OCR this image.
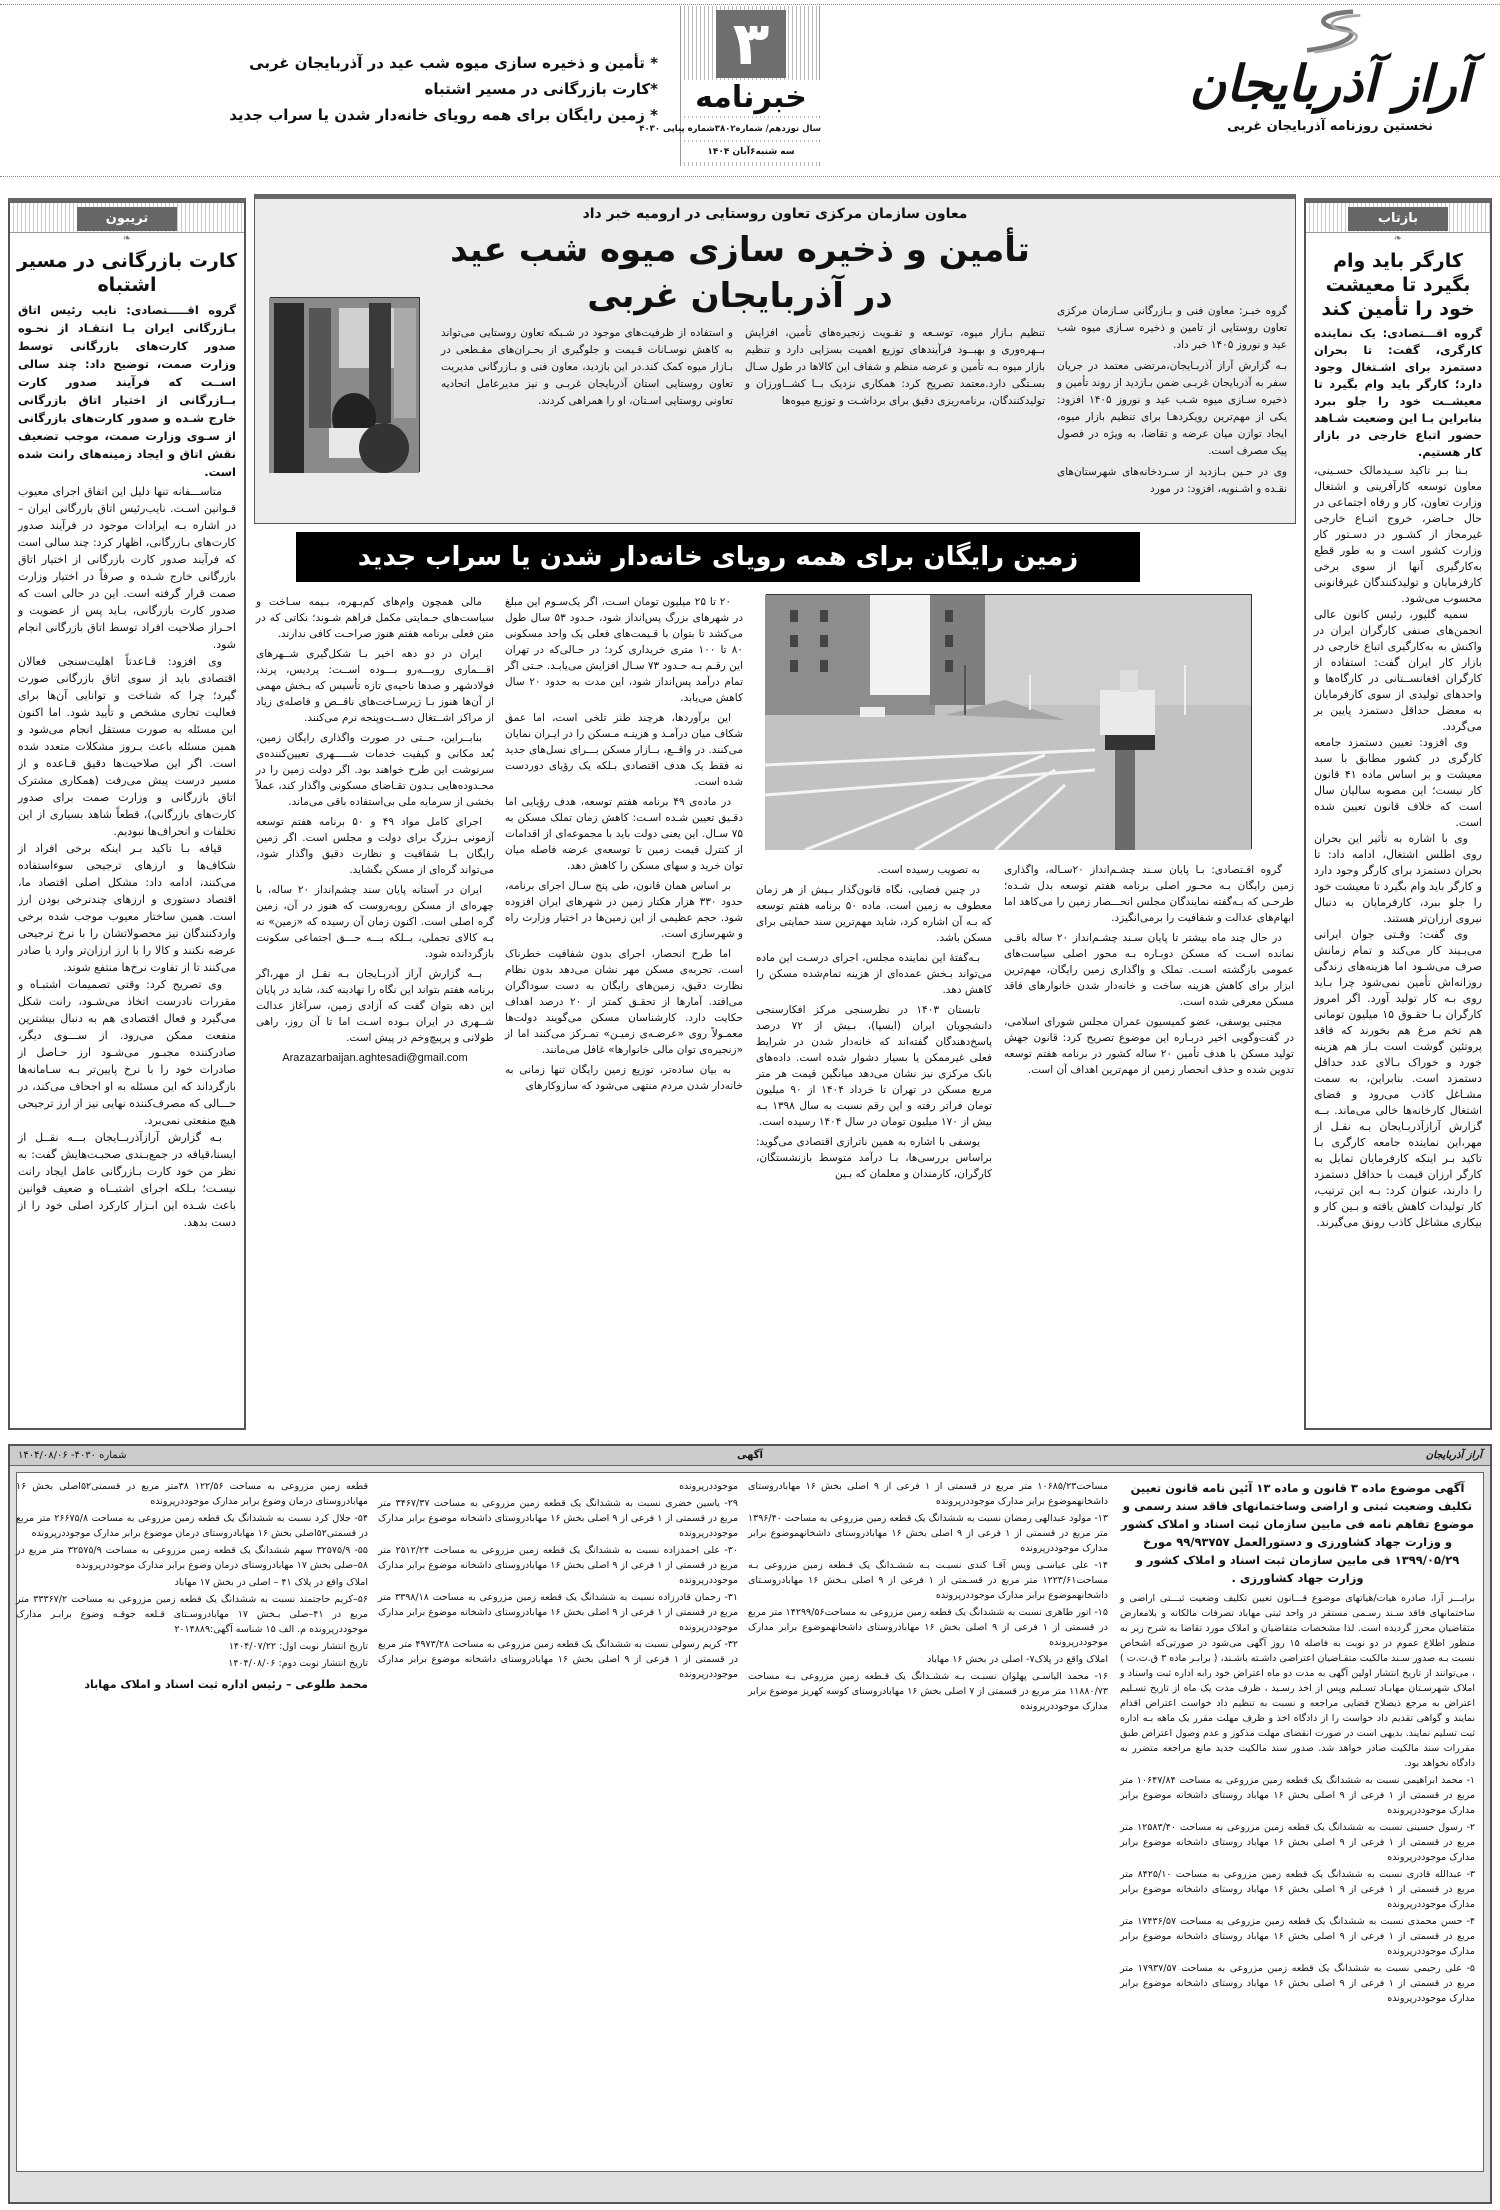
آراز آذربایجان
نخستین روزنامه آذربایجان غربی
۳
خبرنامه
سال نوزدهم/ شماره۳۸۰۲شماره پیاپی ۴۰۳۰
سه شنبه۶آبان ۱۴۰۴
* تأمین و ذخیره سازی میوه شب عید در آذربایجان غربی
*کارت بازرگانی در مسیر اشتباه
* زمین رایگان برای همه رویای خانه‌دار شدن یا سراب جدید
بازتاب
❧
کارگر باید وام بگیرد تا معیشت خود را تأمین کند
گروه اقـــتصادی: یک نماینده کارگری، گفت: تا بحران دستمزد برای اشـتغال وجود دارد؛ کارگر باید وام بگیرد تا معیشــت خود را جلو ببرد بنابراین بـا این وضعیت شـاهد حضور اتباع خارجی در بازار کار هستیم.

بـنا بـر تاکید سـیدمالک حسـینی، معاون توسعه کارآفرینی و اشتغال وزارت تعاون، کار و رفاه اجتماعی در حال حـاضر، خروج اتبـاع خارجی غیرمجاز از کشـور در دسـتور کار وزارت کشور است و به طور قطع به‌کارگیری آنها از سوی برخی کارفرمایان و تولیدکنندگان غیرقانونی محسوب می‌شود.

سمیه گلپور، رئیس کانون عالی انجمن‌های صنفی کارگران ایران در واکنش به به‌کارگیری اتباع خارجی در بازار کار ایران گفت: استفاده از کارگران افغانســتانی در کارگاه‌ها و واحدهای تولیدی از سوی کارفرمایان به معضل حداقل دستمزد پایین بر می‌گردد.

وی افزود: تعیین دستمزد جامعه کارگری در کشور مطابق با سبد معیشت و بر اساس ماده ۴۱ قانون کار نیست؛ این مصوبه سالیان سال است که خلاف قانون تعیین شده است.

وی با اشاره به تأثیر این بحران روی اطلس اشتغال، ادامه داد: تا بحران دستمزد برای کارگر وجود دارد و کارگر باید وام بگیرد تا معیشت خود را جلو ببرد، کارفرمایان به دنبال نیروی ارزان‌تر هستند.

وی گفت: وقـتی جوان ایرانی می‌بـیند کار می‌کند و تمام زمانش صرف می‌شـود اما هزینه‌های زندگی روزانه‌اش تأمین نمی‌شود چرا بـاید روی بـه کار تولید آورد. اگر امروز کارگران بـا حقـوق ۱۵ میلیون تومانی هم تخم مرغ هم بخورند که فاقد پروتئین گوشت است بـاز هم هزینه خورد و خوراک بـالای عدد حداقل دستمزد است. بنابراین، به سمت مشـاغل کاذب می‌رود و فضای اشتغال کارخانه‌ها خالی می‌ماند. بــه گزارش آرازآذربـایجان بـه نقـل از مهر،این نماینده جامعه کارگری بـا تاکید بـر اینکه کارفرمایان تمایل به کارگر ارزان قیمت با حداقل دستمزد را دارند، عنوان کرد: بـه این ترتیب، کار تولیدات کاهش یافته و بـین کار و بیکاری مشاغل کاذب رونق می‌گیرند.

تریبون
❧
کارت بازرگانی در مسیر اشتباه
گروه اقـــــتصادی: نایب رئیس اتاق بـازرگانی ایران بـا انتقـاد از نحـوه صدور کارت‌های بازرگانی توسط وزارت صمت، توضیح داد: چند سالی اســت که فرآیند صدور کارت بــازرگانی از اختیار اتاق بازرگانی خارج شـده و صدور کارت‌های بازرگانی از سـوی وزارت صمت، موجب تضعیف نقش اتاق و ایجاد زمینه‌های رانت شده است.

متاســـفانه تنها دلیل این اتفاق اجرای معیوب قـوانین اسـت. نایب‌رئیس اتاق بازرگانی ایران – در اشاره بـه ایرادات موجود در فرآیند صدور کارت‌های بـازرگانی، اظهار کرد: چند سالی است که فرآیند صدور کارت بازرگانی از اختیار اتاق بازرگانی خارج شـده و صرفاً در اختیار وزارت صمت قرار گرفته است. این در حالی است که صدور کارت بازرگانی، بـاید پس از عضویت و احـراز صلاحیت افراد توسط اتاق بازرگانی انجام شود.

وی افزود: قـاعدتاً اهلیت‌سنجی فعالان اقتصادی باید از سوی اتاق بازرگانی صورت گیرد؛ چرا که شناخت و توانایی آن‌ها برای فعالیت تجاری مشخص و تأیید شود. اما اکنون این مسئله به صورت مستقل انجام می‌شود و همین مسئله باعث بـروز مشکلات متعدد شده است. اگر این صلاحیت‌ها دقیق قـاعده و از مسیر درست پیش می‌رفت (همکاری مشترک اتاق بازرگانی و وزارت صمت برای صدور کارت‌های بازرگانی)، قطعاً شاهد بسیاری از این تخلفات و انحراف‌ها نبودیم.

قیافه بـا تاکید بـر اینکه برخی افراد از شکاف‌ها و ارزهای ترجیحی سوءاستفاده می‌کنند، ادامه داد: مشکل اصلی اقتصاد ما، اقتصاد دستوری و ارزهای چندنرخی بودن ارز است. همین ساختار معیوب موجب شده برخی واردکنندگان نیز محصولاتشان را با نرخ ترجیحی عرضه نکنند و کالا را با ارز ارزان‌تر وارد یا صادر می‌کنند تا از تفاوت نرخ‌ها منتفع شوند.

وی تصریح کرد: وقتی تصمیمات اشتبـاه و مقررات نادرست اتخاذ می‌شـود، رانت شکل می‌گیرد و فعال اقتصادی هم به دنبال بیشترین منفعت ممکن می‌رود. از ســـوی دیگر، صادرکننده مجبـور می‌شـود ارز حـاصل از صادرات خود را با نرخ پایین‌تر بـه سـامانه‌ها بازگرداند که این مسئله به او اجحاف می‌کند، در حـــالی که مصرف‌کننده نهایی نیز از ارز ترجیحی هیچ منفعتی نمی‌برد.

بـه گزارش آرازآذربــایجان بـــه نقــل از ایسنا،قیافه در جمع‌بـندی صحبـت‌هایش گفت: به نظر من خود کارت بـازرگانی عامل ایجاد رانت نیسـت؛ بـلکه اجرای اشتبــاه و ضعیف قوانین باعث شـده این ابـزار کارکرد اصلی خود را از دست بدهد.

معاون سازمان مرکزی تعاون روستایی در ارومیه خبر داد
تأمین و ذخیره سازی میوه شب عید در آذربایجان غربی	گروه خبـر: معاون فنی و بـازرگانی سـازمان مرکزی تعاون روستایی از تامین و ذخیره سـازی میوه شب عید و نوروز ۱۴۰۵ خبر داد.

بـه گزارش آراز آذربـایجان،مرتضی معتمد در جریان سفر به آذربایجان غربـی ضمن بـازدید از روند تأمین و ذخیره سـازی میوه شـب عید و نوروز ۱۴۰۵ افزود: یکی از مهم‌ترین رویکردهـا برای تنظیم بازار میوه، ایجاد توازن میان عرضه و تقاضا، به ویژه در فصول پیک مصرف است.

وی در حـین بـازدید از سـردخانه‌های شهرستان‌های نقـده و اشـنویه، افزود: در مورد

تنظیم بـازار میوه، توسـعه و تقـویت زنجیره‌های تأمین، افزایش بــهره‌وری و بهبــود فرآیندهای توزیع اهمیت بسزایی دارد و تنظیم بازار میوه بـه تأمین و عرضه منظم و شفاف این کالاها در طول سـال بسـتگی دارد.معتمد تصریح کرد: همکاری نزدیک بــا کشــاورزان و تولیدکنندگان، برنامه‌ریزی دقیق برای برداشـت و توزیع میوه‌ها
و استفاده از ظرفیت‌های موجود در شـبکه تعاون روستایی می‌تواند به کاهش نوسـانات قـیمت و جلوگیری از بحـران‌های مقـطعی در بـازار میوه کمک کند.در این بازدید، معاون فنی و بـازرگانی مدیریت تعاون روستایی استان آذربایجان غربـی و نیز مدیرعامل اتحادیه تعاونی روستایی اسـتان، او را همراهی کردند.
زمین رایگان برای همه رویای خانه‌دار شدن یا سراب جدید

گروه اقـتصادی: بـا پایان سـند چشـم‌انداز ۲۰سـاله، واگذاری زمین رایگان بـه محـور اصلی برنامه هفتم توسعه بدل شـده؛ طرحـی که بـه‌گفته نمایندگان مجلس انحـــصار زمین را می‌کاهد اما ابهام‌های عدالت و شفافیت را برمی‌انگیزد.

در حال چند ماه بیشتر تا پایان سـند چشـم‌انداز ۲۰ ساله باقـی نمانده اسـت که مسکن دوبـاره بـه محور اصلی سیاست‌های عمومی بازگشته اسـت. تملک و واگذاری زمین رایگان، مهم‌ترین ابزار برای کاهش هزینه ساخت و خانه‌دار شدن خانوارهای فاقد مسکن معرفی شده است.

مجتبی یوسفی، عضو کمیسیون عمران مجلس شورای اسلامی، در گفت‌وگویی اخیر دربـاره این موضوع تصریح کرد: قانون جهش تولید مسکن با هدف تأمین ۲۰ ساله کشور در برنامه هفتم توسعه تدوین شده و حذف انحصار زمین از مهم‌ترین اهداف آن است.

به تصویب رسیده است.

در چنین فضایی، نگاه قانون‌گذار بـیش از هر زمان معطوف به زمین است. ماده ۵۰ برنامه هفتم توسعه که بـه آن اشاره کرد، شاید مهم‌ترین سند حمایتی برای مسکن باشد.

بـه‌گفتهٔ این نماینده مجلس، اجرای درسـت این ماده می‌تواند بـخش عمده‌ای از هزینه تمام‌شده مسکن را کاهش دهد.

تابستان ۱۴۰۳ در نظرسنجی مرکز افکارسنجی دانشجویان ایران (ایسپا)، بـیش از ۷۲ درصد پاسخ‌دهندگان گفته‌اند که خانه‌دار شدن در شرایط فعلی غیرممکن یا بسیار دشوار شده است. داده‌های بانک مرکزی نیز نشان می‌دهد میانگین قیمت هر متر مربع مسکن در تهران تا خرداد ۱۴۰۴ از ۹۰ میلیون تومان فراتر رفته و این رقم نسبت به سال ۱۳۹۸ بـه بیش از ۱۷۰ میلیون تومان در سال ۱۴۰۴ رسیده است.

یوسفی با اشاره به همین ناترازی اقتصادی می‌گوید: براساس بررسی‌ها، بـا درآمد متوسط بازنشستگان، کارگران، کارمندان و معلمان که بـین

۲۰ تا ۲۵ میلیون تومان اسـت، اگر یک‌سـوم این مبلغ در شهرهای بزرگ پس‌انداز شود، حـدود ۵۳ سال طول می‌کشد تا بتوان با قـیمت‌های فعلی یک واحد مسکونی ۸۰ تا ۱۰۰ متری خریداری کرد؛ در حـالی‌که در تهران این رقـم بـه حـدود ۷۳ سـال افزایش می‌یابـد. حـتی اگر تمام درآمد پس‌انداز شود، این مدت به حدود ۲۰ سال کاهش می‌یابد.

این برآوردها، هرچند طنز تلخی است، اما عمق شکاف میان درآمـد و هزینـه مـسکن را در ایـران نمایان می‌کنند. در واقــع، بــازار مسکن بـــرای نسل‌های جدید نه فقط یک هدف اقتصادی بـلکه یک رؤیای دوردست شده است.

در ماده‌ی ۴۹ برنامه هفتم توسعه، هدف رؤیایی اما دقـیق تعیین شـده اسـت: کاهش زمان تملک مسکن به ۷۵ سـال. این یعنی دولت باید با مجموعه‌ای از اقدامات از کنترل قیمت زمین تا توسعه‌ی عرضه فاصله میان توان خرید و سهای مسکن را کاهش دهد.

بر اساس همان قانون، طی پنج سـال اجرای برنامه، حدود ۳۳۰ هزار هکتار زمین در شهرهای ایران افزوده شود. حجم عظیمی از این زمین‌ها در اختیار وزارت راه و شهرسازی است.

اما طرح انحصار، اجرای بدون شفافیت خطرناک است. تجربه‌ی مسکن مهر نشان می‌دهد بدون نظام نظارت دقیق، زمین‌های رایگان به دست سوداگران می‌افتد. آمارها از تحقـق کمتر از ۲۰ درصد اهداف حکایت دارد. کارشناسان مسکن می‌گویند دولت‌ها معمـولاً روی «عرضـه‌ی زمیـن» تمـرکز می‌کنند اما از «زنجیره‌ی توان مالی خانوارها» غافل می‌مانند.

به بیان ساده‌تر، توزیع زمین رایگان تنها زمانی به خانه‌دار شدن مردم منتهی می‌شود که سازوکارهای

مالی همچون وام‌های کم‌بـهره، بـیمه سـاخت و سیاست‌های حـمایتی مکمل فراهم شـوند؛ نکاتی که در متن فعلی برنامه هفتم هنوز صراحـت کافی ندارند.

ایران در دو دهه اخیر بـا شکل‌گیری شــهرهای اقـــماری روبـــه‌رو بـــوده اســت: پردیس، پرند، فولادشهر و صدها ناحیه‌ی تازه تأسیس که بـخش مهمی از آن‌ها هنوز بـا زیرسـاخت‌های ناقــص و فاصله‌ی زیاد از مراکز اشــتغال دســت‌وپنجه نرم می‌کنند.

بنابــراین، حــتی در صورت واگذاری رایگان زمین، بُعد مکانی و کیفیت خدمات شـــــهری تعیین‌کننده‌ی سرنوشت این طرح خواهند بود. اگر دولت زمین را در محـدوده‌هایی بـدون تقـاضای مسکونی واگذار کند، عملاً بخشی از سرمایه ملی بی‌استفاده باقی می‌ماند.

اجرای کامل مواد ۴۹ و ۵۰ برنامه هفتم توسعه آزمونی بـزرگ برای دولت و مجلس است. اگر زمین رایگان بـا شفافیت و نظارت دقیق واگذار شود، می‌تواند گره‌ای از مسکن بگشاید.

ایران در آستانه پایان سند چشم‌انداز ۲۰ ساله، با چهره‌ای از مسکن روبه‌روست که هنوز در آن، زمین گره اصلی است. اکنون زمان آن رسیده که «زمین» نه بـه کالای تجملی، بــلکه بـــه حـــق اجتماعی سکونت بازگردانده شود.

بــه گزارش آراز آذربـایجان بـه نقـل از مهر،اگر برنامه هفتم بتواند این نگاه را نهادینه کند، شاید در پایان این دهه بتوان گفت که آزادی زمین، سرآغاز عدالت شــهری در ایران بـوده اسـت اما تا آن روز، راهی طولانی و پرپیچ‌وخم در پیش است.

Arazazarbaijan.aghtesadi@gmail.com
آراز آذربایجان
آگهی
شماره ۴۰۳۰- ۱۴۰۴/۰۸/۰۶
آگهی موضوع ماده ۳ قانون و ماده ۱۳ آئین نامه قانون تعیین تکلیف وضعیت ثبتی و اراضی وساختمانهای فاقد سند رسمی و موضوع تفاهم نامه فی مابین سازمان ثبت اسناد و املاک کشور و وزارت جهاد کشاورزی و دستورالعمل ۹۹/۹۳۷۵۷ مورخ ۱۳۹۹/۰۵/۲۹ فی مابین سازمان ثبت اسناد و املاک کشور و وزارت جهاد کشاورزی .

برابـــر آرا، صادره هیات/هیاتهای موضوع قـــانون تعیین تکلیف وضعیت ثبـــتی اراضی و ساختمانهای فاقد سـند رسـمی مستقر در واحد ثبتی مهاباد تصرفات مالکانه و بلامعارض متقاضیان محرز گردیده است. لذا مشخصات متقاضیان و املاک مورد تقاضا به شرح زیر به منظور اطلاع عموم در دو نوبت به فاصله ۱۵ روز آگهی می‌شود در صورتی‌که اشخاص نسبت بـه صدور سـند مالکیت متقـاضیان اعتراضی داشـته باشـند، ( برابـر ماده ۳ ق.ت.ت ) ، می‌توانند از تاریخ انتشار اولین آگهی به مدت دو ماه اعتراض خود رابه اداره ثبت واسناد و املاک شهرسـتان مهابـاد تسـلیم وپس از اخذ رسـید ، ظرف مدت یک ماه از تاریخ تسـلیم اعتراض به مرجع ذیصلاح قضایی مراجعه و نسبت به تنظیم داد خواست اعتراض اقدام نمایند و گواهی تقدیم داد خواست را از دادگاه اخذ و ظرف مهلت مقرر یک ماهه بـه اداره ثبت تسلیم نمایند. بدیهی است در صورت انقضای مهلت مذکور و عدم وصول اعتراض طبق مقررات سند مالکیت صادر خواهد شد. صدور سند مالکیت جدید مانع مراجعه متضرر به دادگاه نخواهد بود.

۱- محمد ابراهیمی نسبت به ششدانگ یک قطعه زمین مزروعی به مساحت ۱۰۶۴۷/۸۴ متر مربع در قسمتی از ۱ فرعی از ۹ اصلی بخش ۱۶ مهاباد روستای داشخانه موضوع برابر مدارک موجوددرپرونده

۲- رسول حسینی نسبت به ششدانگ یک قطعه زمین مزروعی به مساحت ۱۲۵۸۳/۴۰ متر مربع در قسمتی از ۱ فرعی از ۹ اصلی بخش ۱۶ مهاباد روستای داشخانه موضوع برابر مدارک موجوددرپرونده

۳- عبدالله قادری نسبت به ششدانگ یک قطعه زمین مزروعی به مساحت ۸۴۲۵/۱۰ متر مربع در قسمتی از ۱ فرعی از ۹ اصلی بخش ۱۶ مهاباد روستای داشخانه موضوع برابر مدارک موجوددرپرونده

۴- حسن محمدی نسبت به ششدانگ یک قطعه زمین مزروعی به مساحت ۱۷۴۳۶/۵۷ متر مربع در قسمتی از ۱ فرعی از ۹ اصلی بخش ۱۶ مهاباد روستای داشخانه موضوع برابر مدارک موجوددرپرونده

۵- علی رحیمی نسبت به ششدانگ یک قطعه زمین مزروعی به مساحت ۱۷۹۳۷/۵۷ متر مربع در قسمتی از ۱ فرعی از ۹ اصلی بخش ۱۶ مهاباد روستای داشخانه موضوع برابر مدارک موجوددرپرونده

مساحت۱۰۶۸۵/۲۳ متر مربع در قسمتی از ۱ فرعی از ۹ اصلی بخش ۱۶ مهابادروستای داشخانهموضوع برابر مدارک موجوددرپرونده

۱۳- مولود عبدالهی رمضان نسبت به ششدانگ یک قطعه زمین مزروعی به مساحت ۱۳۹۶/۴۰ متر مربع در قسمتی از ۱ فرعی از ۹ اصلی بخش ۱۶ مهابادروستای داشخانهموضوع برابر مدارک موجوددرپرونده

۱۴- علی عباسـی ویس آقـا کندی نسبـت بـه ششـدانگ یک قـطعه زمین مزروعی بـه مساحت۱۲۲۳/۶۱ متر مربع در قسـمتی از ۱ فرعی از ۹ اصلی بـخش ۱۶ مهابادروسـتای داشخانهموضوع برابر مدارک موجوددرپرونده

۱۵- انور طاهری نسبت به ششدانگ یک قطعه زمین مزروعی به مساحت۱۴۲۹۹/۵۶ متر مربع در قسمتی از ۱ فرعی از ۹ اصلی بخش ۱۶ مهابادروستای داشخانهموضوع برابر مدارک موجوددرپرونده

املاک واقع در پلاک۷- اصلی در بخش ۱۶ مهاباد

۱۶- محمد الیاسـی پهلوان نسبـت بـه ششـدانگ یک قـطعه زمین مزروعی بـه مساحت ۱۱۸۸۰/۷۳ متر مربع در قسمتی از ۷ اصلی بخش ۱۶ مهابادروستای کوسه کهریز موضوع برابر مدارک موجوددرپرونده

موجوددرپرونده

۲۹- یاسین خضری نسبت به ششدانگ یک قطعه زمین مزروعی به مساحت ۳۴۶۷/۳۷ متر مربع در قسمتی از ۱ فرعی از ۹ اصلی بخش ۱۶ مهابادروستای داشخانه موضوع برابر مدارک موجوددرپرونده

۳۰- علی احمدزاده نسبت به ششدانگ یک قطعه زمین مزروعی به مساحت ۲۵۱۲/۲۴ متر مربع در قسمتی از ۱ فرعی از ۹ اصلی بخش ۱۶ مهابادروستای داشخانه موضوع برابر مدارک موجوددرپرونده

۳۱- رحمان قادرزاده نسبت به ششدانگ یک قطعه زمین مزروعی به مساحت ۳۳۹۸/۱۸ متر مربع در قسمتی از ۱ فرعی از ۹ اصلی بخش ۱۶ مهابادروستای داشخانه موضوع برابر مدارک موجوددرپرونده

۳۲- کریم رسولی نسبت به ششدانگ یک قطعه زمین مزروعی به مساحت ۴۹۷۳/۲۸ متر مربع در قسمتی از ۱ فرعی از ۹ اصلی بخش ۱۶ مهابادروستای داشخانه موضوع برابر مدارک موجوددرپرونده

قطعه زمین مزروعی به مساحت ۱۲۲/۵۶ ۳۸متر مربع در قسمتی۵۲اصلی بخش ۱۶ مهابادروستای درمان وضوع برابر مدارک موجوددرپرونده

۵۴- جلال کرد نسبت به ششدانگ یک قطعه زمین مزروعی به مساحت ۲۶۶۷۵/۸ متر مربع در قسمتی۵۲اصلی بخش ۱۶ مهابادروستای درمان موضوع برابر مدارک موجوددرپرونده

۵۵- ۳۲۵۷۵/۹ سهم ششدانگ یک قطعه زمین مزروعی به مساحت ۳۲۵۷۵/۹ متر مربع در ۵۸–صلی بخش ۱۷ مهابادروستای درمان وضوع برابر مدارک موجوددرپرونده

املاک واقع در پلاک ۴۱ – اصلی در بخش ۱۷ مهاباد

۵۶–کریم حاجتمند نسبت به ششدانگ یک قطعه زمین مزروعی به مساحت ۳۳۳۶۷/۲ متر مربع در ۴۱–صلی بـخش ۱۷ مهابادروسـتای قـلعه جوقـه وضوع برابـر مدارک موجوددرپرونده م. الف ۱۵ شناسه آگهی:۲۰۱۴۸۸۹

تاریخ انتشار نوبت اول: ۱۴۰۴/۰۷/۲۲

تاریخ انتشار نوبت دوم: ۱۴۰۴/۰۸/۰۶

محمد طلوعی – رئیس اداره ثبت اسناد و املاک مهاباد
